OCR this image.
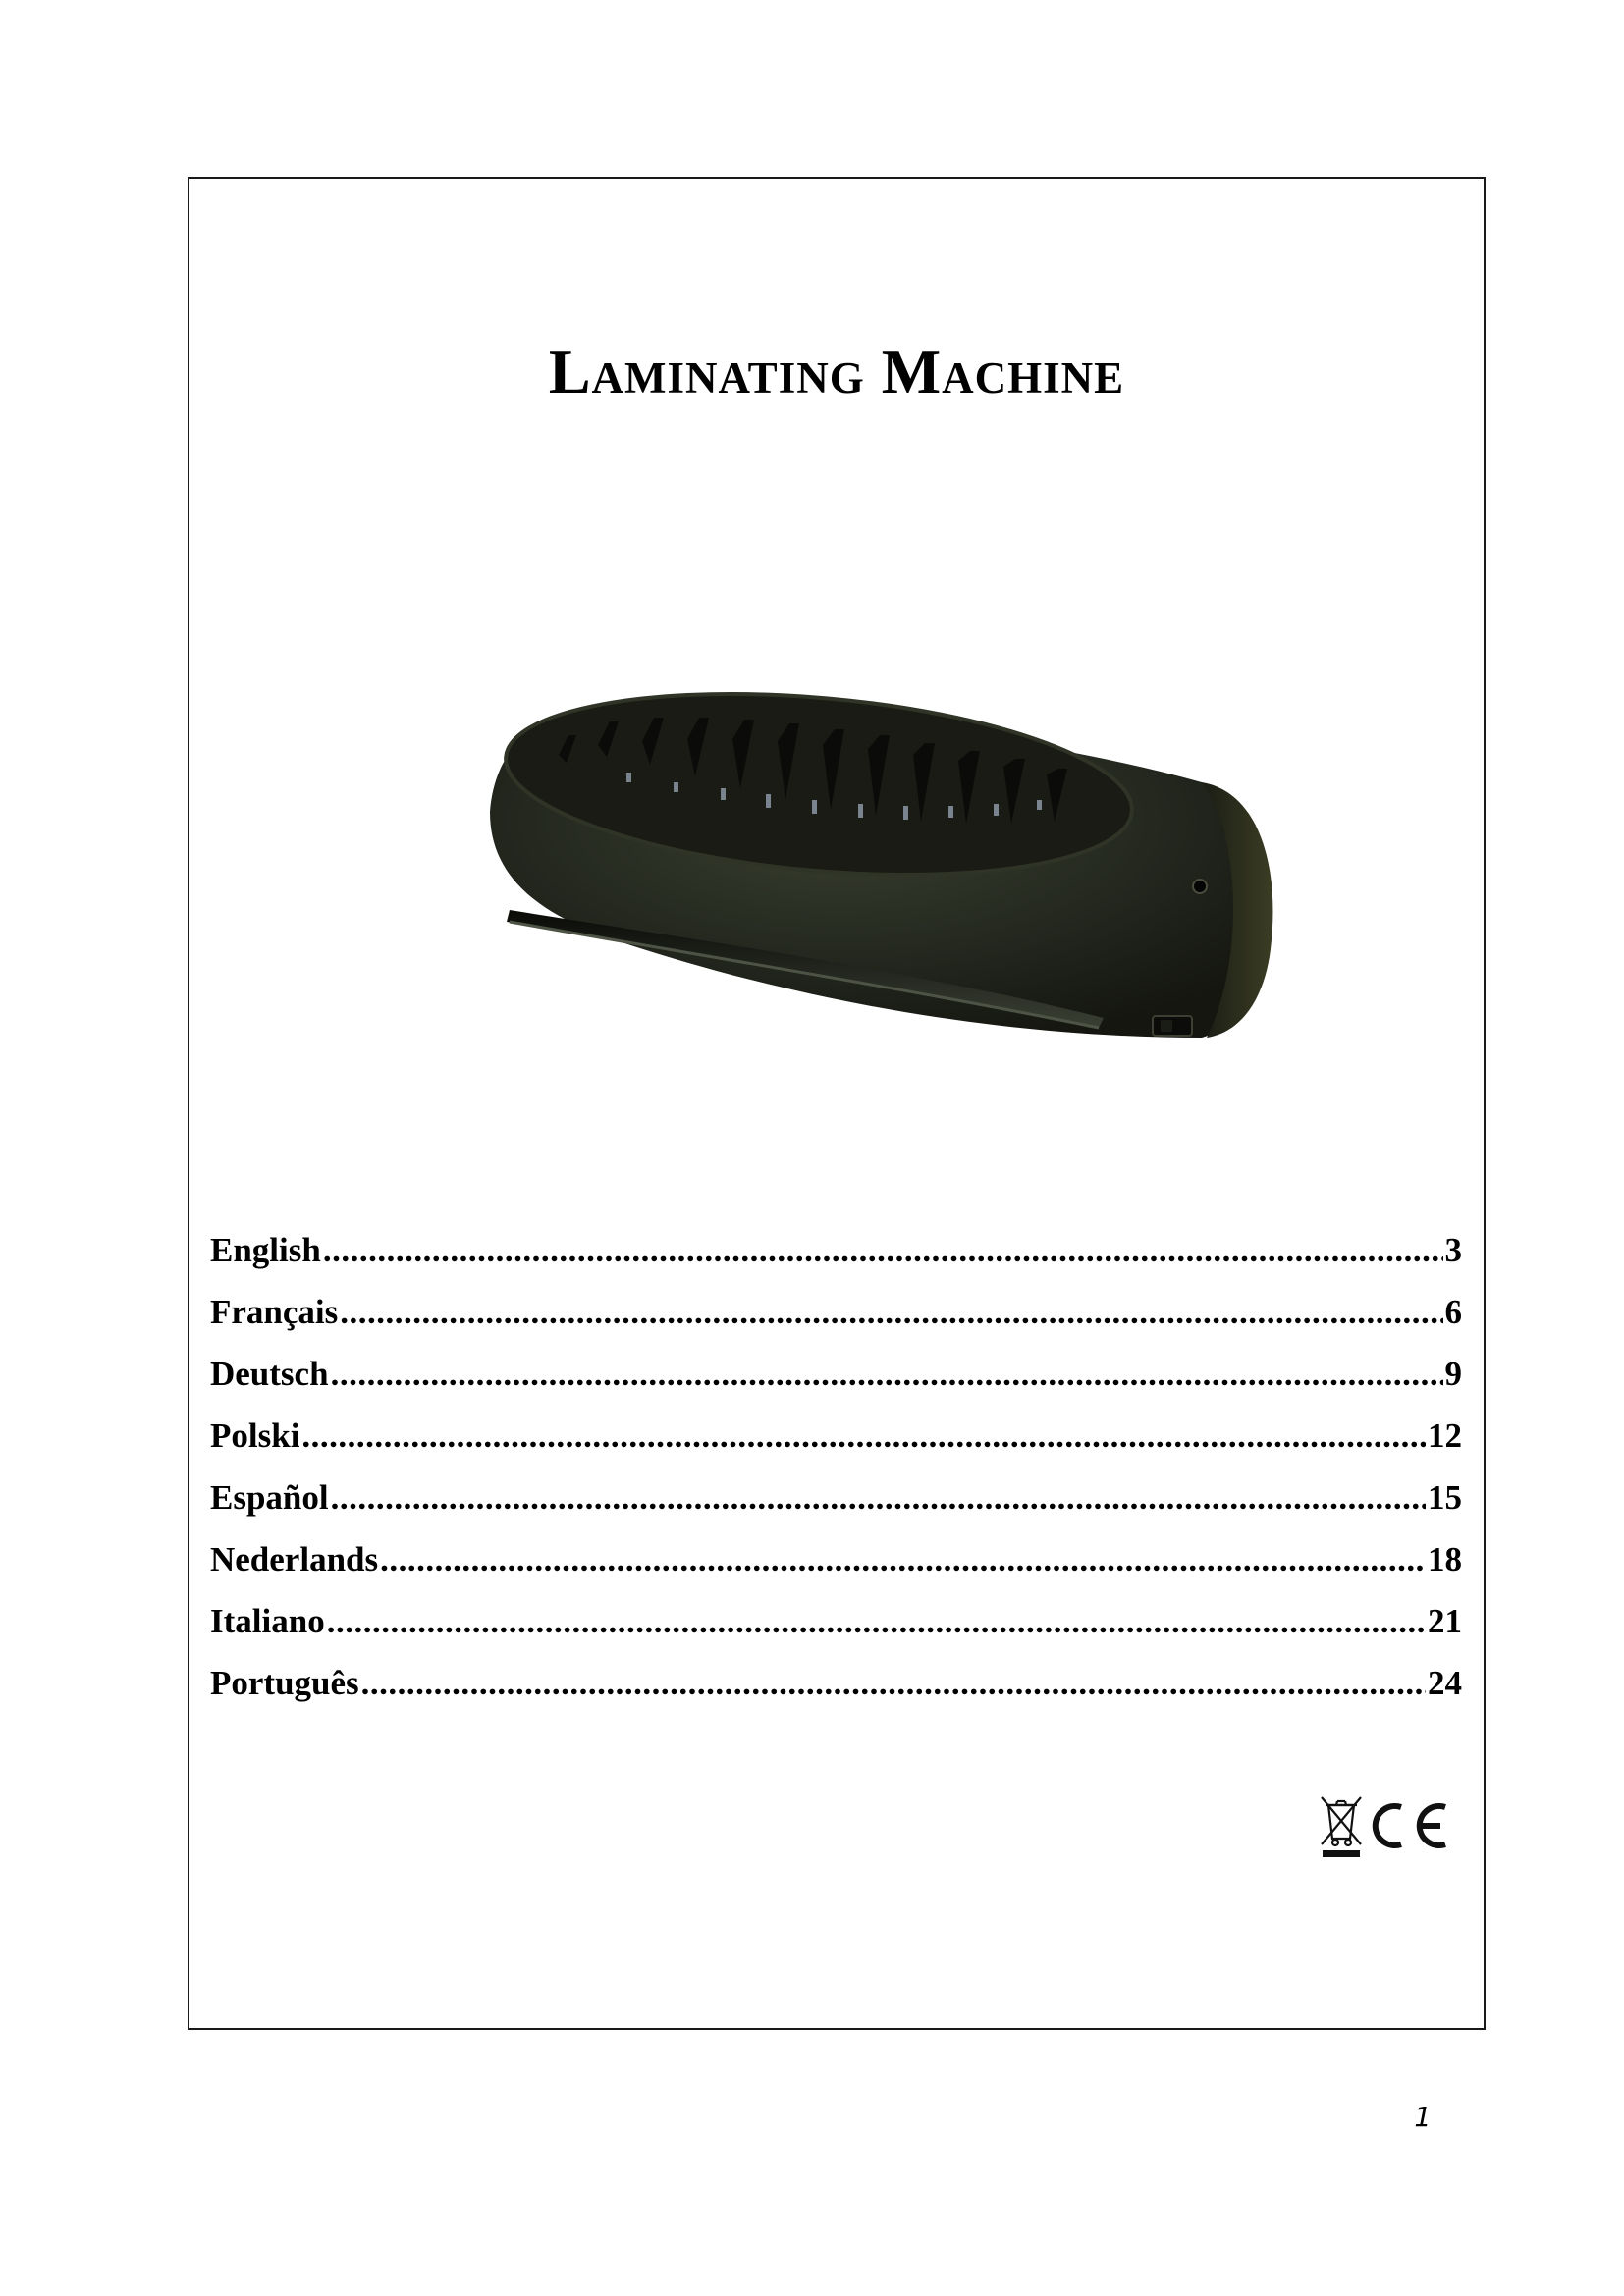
Laminating Machine
English .....	3
Français .....	6
Deutsch .....	9
Polski .....	12
Español .....	15
Nederlands .....	18
Italiano .....	21
Português .....	24
1
